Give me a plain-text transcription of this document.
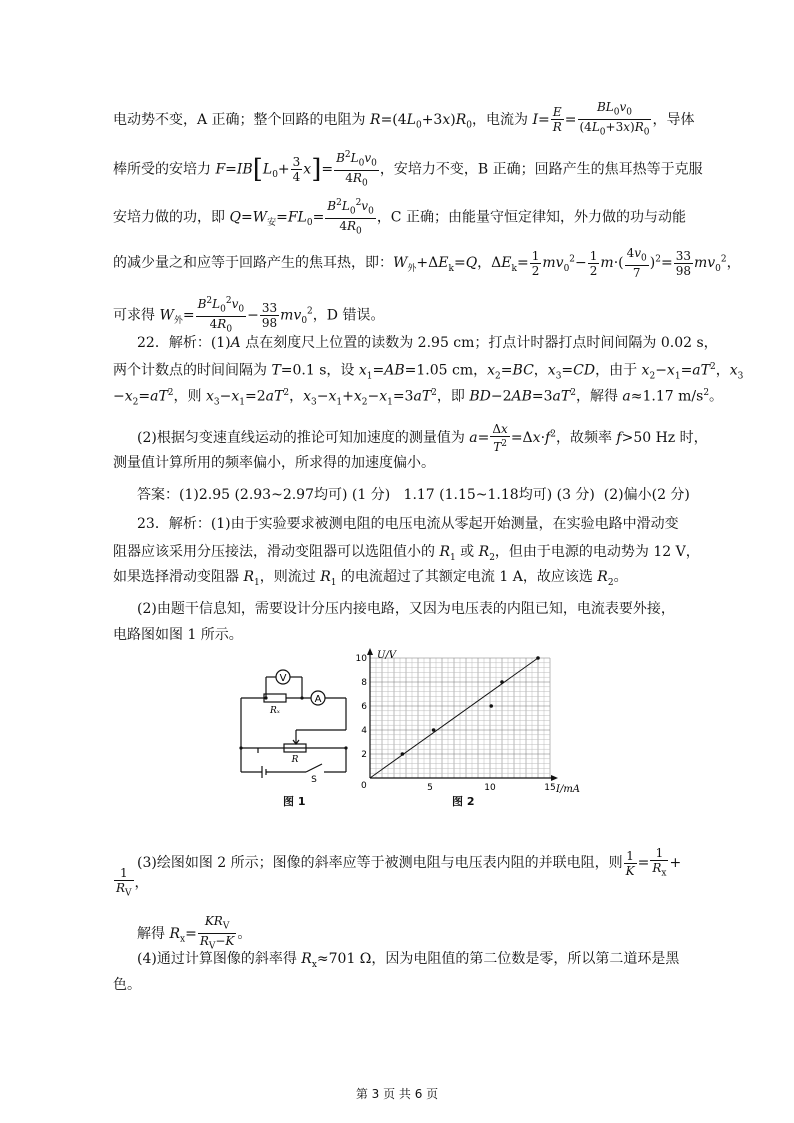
电动势不变，A 正确；整个回路的电阻为 $R=(4L_0+3x)R_0$，电流为 $I= \frac{E}{R} = \frac{BL_0v_0}{(4L_0+3x)R_0}$ ，导体
棒所受的安培力 $F=IB[L_0+ \frac{3}{4} x]= \frac{B^2L_0v_0}{4R_0}$ ，安培力不变，B 正确；回路产生的焦耳热等于克服
安培力做的功，即 $Q=W_安=FL_0= \frac{B^2L_0^2v_0}{4R_0}$ ，C 正确；由能量守恒定律知，外力做的功与动能
的减少量之和应等于回路产生的焦耳热，即：$W_外+\Delta E_k=Q$，$\Delta E_k= \frac{1}{2} mv_0^2- \frac{1}{2} m\cdot( \frac{4v_0}{7} )^2= \frac{33}{98} mv_0^2$，
可求得 $W_外= \frac{B^2L_0^2v_0}{4R_0} - \frac{33}{98} mv_0^2$，D 错误。
22．解析：(1)A 点在刻度尺上位置的读数为 2.95 cm；打点计时器打点时间间隔为 0.02 s，
两个计数点的时间间隔为 T=0.1 s，设 $x_1=AB=1.05$ cm，$x_2=BC$，$x_3=CD$，由于 $x_2-x_1=aT^2$，$x_3$
$-x_2=aT^2$，则 $x_3-x_1=2aT^2$，$x_3-x_1+x_2-x_1=3aT^2$，即 $BD-2AB=3aT^2$，解得 a≈1.17 $m/s^2$。
(2)根据匀变速直线运动的推论可知加速度的测量值为 $a= \frac{\Delta x}{T^2} =\Delta x\cdot f^2$，故频率 f>50 Hz 时，
测量值计算所用的频率偏小，所求得的加速度偏小。
答案：(1)2.95 (2.93~2.97均可) (1 分)   1.17 (1.15~1.18均可) (3 分)  (2)偏小(2 分)
23．解析：(1)由于实验要求被测电阻的电压电流从零起开始测量，在实验电路中滑动变
阻器应该采用分压接法，滑动变阻器可以选阻值小的 $R_1$ 或 $R_2$，但由于电源的电动势为 12 V，
如果选择滑动变阻器 $R_1$，则流过 $R_1$ 的电流超过了其额定电流 1 A，故应该选 $R_2$。
(2)由题干信息知，需要设计分压内接电路，又因为电压表的内阻已知，电流表要外接，
电路图如图 1 所示。
V
A
Rₓ
R
S
图 1
5	10	15
2
4
6
8
10 U/V
I/mA
0
图 2
(3)绘图如图 2 所示；图像的斜率应等于被测电阻与电压表内阻的并联电阻，则 $\frac{1}{K} = \frac{1}{R_x}$ +
$\frac{1}{R_V}$ ，
解得 $R_x= \frac{KR_V}{R_V-K}$ 。
(4)通过计算图像的斜率得 $R_x\approx 701$ Ω，因为电阻值的第二位数是零，所以第二道环是黑
色。
第 3 页 共 6 页
